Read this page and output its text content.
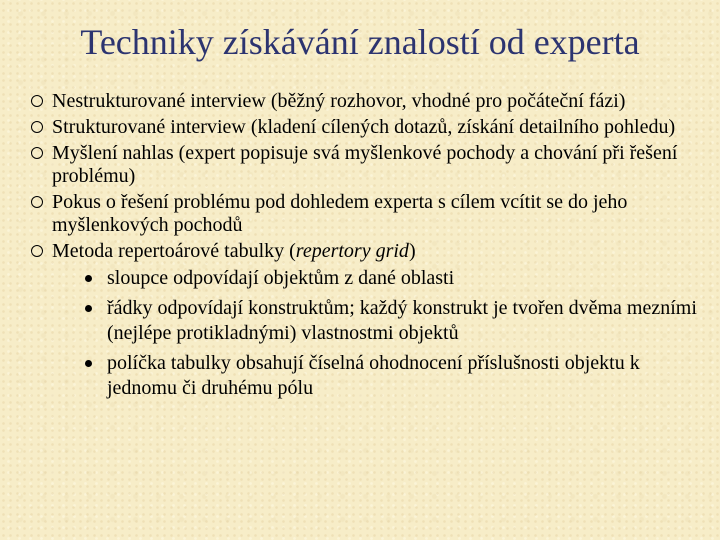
Techniky získávání znalostí od experta
Nestrukturované interview (běžný rozhovor, vhodné pro počáteční fázi)
Strukturované interview (kladení cílených dotazů, získání detailního pohledu)
Myšlení nahlas (expert popisuje svá myšlenkové pochody a chování při řešení problému)
Pokus o řešení problému pod dohledem experta s cílem vcítit se do jeho myšlenkových pochodů
Metoda repertoárové tabulky (repertory grid)
sloupce odpovídají objektům z dané oblasti
řádky odpovídají konstruktům; každý konstrukt je tvořen dvěma mezními (nejlépe protikladnými) vlastnostmi objektů
políčka tabulky obsahují číselná ohodnocení příslušnosti objektu k jednomu či druhému pólu
